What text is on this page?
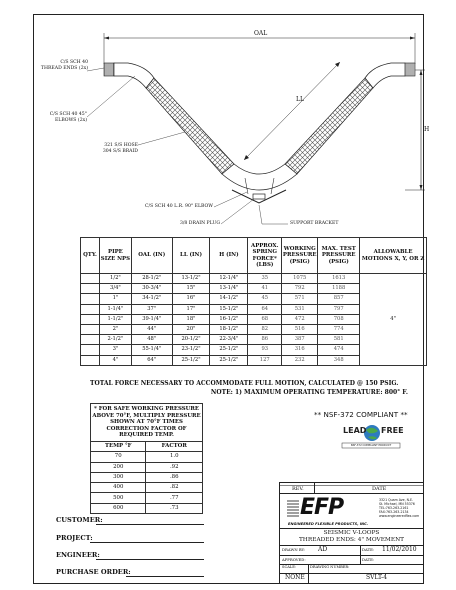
OAL
LL
H
C/S SCH 40
THREAD ENDS (2x)
C/S SCH 40 45°
ELBOWS (2x)
321 S/S HOSE
304 S/S BRAID
C/S SCH 40 L.R. 90° ELBOW
3/8 DRAIN PLUG	SUPPORT BRACKET
QTY.	PIPE SIZE NPS	OAL (IN)	LL (IN)	H (IN)	APPROX. SPRING FORCE* (LBS)	WORKING PRESSURE (PSIG)	MAX. TEST PRESSURE (PSIG)	ALLOWABLE MOTIONS X, Y, OR Z
	1/2"	28-1/2"	13-1/2"	12-1/4"	35	1075	1613	4"
	3/4"	30-3/4"	15"	13-1/4"	41	792	1188	
	1"	34-1/2"	16"	14-1/2"	45	571	857	
	1-1/4"	37"	17"	15-1/2"	64	531	797	
	1-1/2"	39-1/4"	18"	16-1/2"	68	472	708	
	2"	44"	20"	18-1/2"	82	516	774	
	2-1/2"	48"	20-1/2"	22-3/4"	86	387	581	
	3"	55-1/4"	23-1/2"	25-1/2"	93	316	474	
	4"	64"	25-1/2"	25-1/2"	127	232	348	
TOTAL FORCE NECESSARY TO ACCOMMODATE FULL MOTION, CALCULATED @ 150 PSIG.
NOTE: 1) MAXIMUM OPERATING TEMPERATURE: 800° F.
* FOR SAFE WORKING PRESSURE ABOVE 70°F, MULTIPLY PRESSURE SHOWN AT 70°F TIMES CORRECTION FACTOR OF REQUIRED TEMP.	
TEMP °F	FACTOR
70	1.0
200	.92
300	.86
400	.82
500	.77
600	.73
** NSF-372 COMPLIANT **
LEAD FREE
NSF-372 COMPLIANT PRODUCT
REV.	DATE
EFP
ENGINEERED FLEXIBLE PRODUCTS, INC.
3321 Quam Ave, N.E.
St. Michael, MN 55376
TEL:763-263-2161
FAX:763-263-2134
www.engineeredflex.com
SEISMIC V-LOOPS
THREADED ENDS: 4" MOVEMENT
DRAWN BY: AD	DATE: 11/02/2010
APPROVED:	DATE:
SCALE:
NONE
DRAWING NUMBER:
SVLT-4
CUSTOMER:
PROJECT:
ENGINEER:
PURCHASE ORDER:
